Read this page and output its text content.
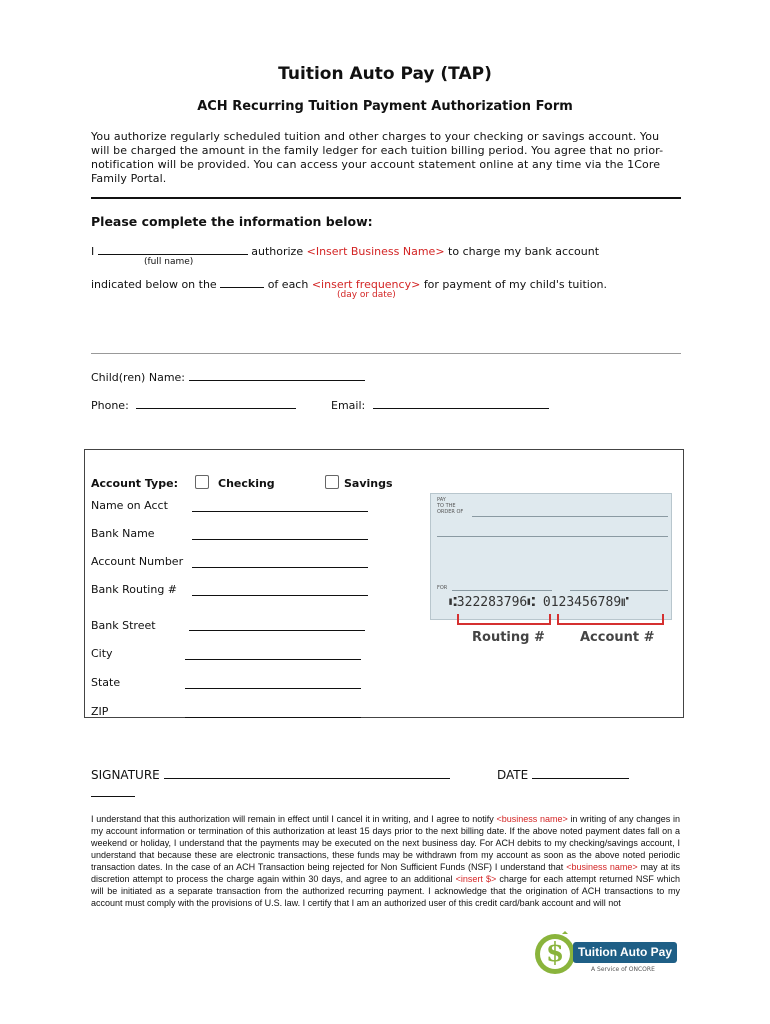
Tuition Auto Pay (TAP)
ACH Recurring Tuition Payment Authorization Form
You authorize regularly scheduled tuition and other charges to your checking or savings account. You will be charged the amount in the family ledger for each tuition billing period. You agree that no prior-notification will be provided. You can access your account statement online at any time via the 1Core Family Portal.
Please complete the information below:
I	authorize <Insert Business Name> to charge my bank account
(full name)
indicated below on the	of each <insert frequency> for payment of my child's tuition.
(day or date)
Child(ren) Name:
Phone:	Email:
Account Type:	Checking	Savings
Name on Acct
Bank Name
Account Number
Bank Routing #
Bank Street
City
State
ZIP
PAY
TO THE
ORDER OF
FOR
⑆322283796⑆ 0123456789⑈
Routing #	Account #
SIGNATURE	DATE
I understand that this authorization will remain in effect until I cancel it in writing, and I agree to notify <business name> in writing of any changes in my account information or termination of this authorization at least 15 days prior to the next billing date. If the above noted payment dates fall on a weekend or holiday, I understand that the payments may be executed on the next business day. For ACH debits to my checking/savings account, I understand that because these are electronic transactions, these funds may be withdrawn from my account as soon as the above noted periodic transaction dates. In the case of an ACH Transaction being rejected for Non Sufficient Funds (NSF) I understand that <business name> may at its discretion attempt to process the charge again within 30 days, and agree to an additional <insert $> charge for each attempt returned NSF which will be initiated as a separate transaction from the authorized recurring payment. I acknowledge that the origination of ACH transactions to my account must comply with the provisions of U.S. law. I certify that I am an authorized user of this credit card/bank account and will not
$	Tuition Auto Pay
A Service of ONCORE
